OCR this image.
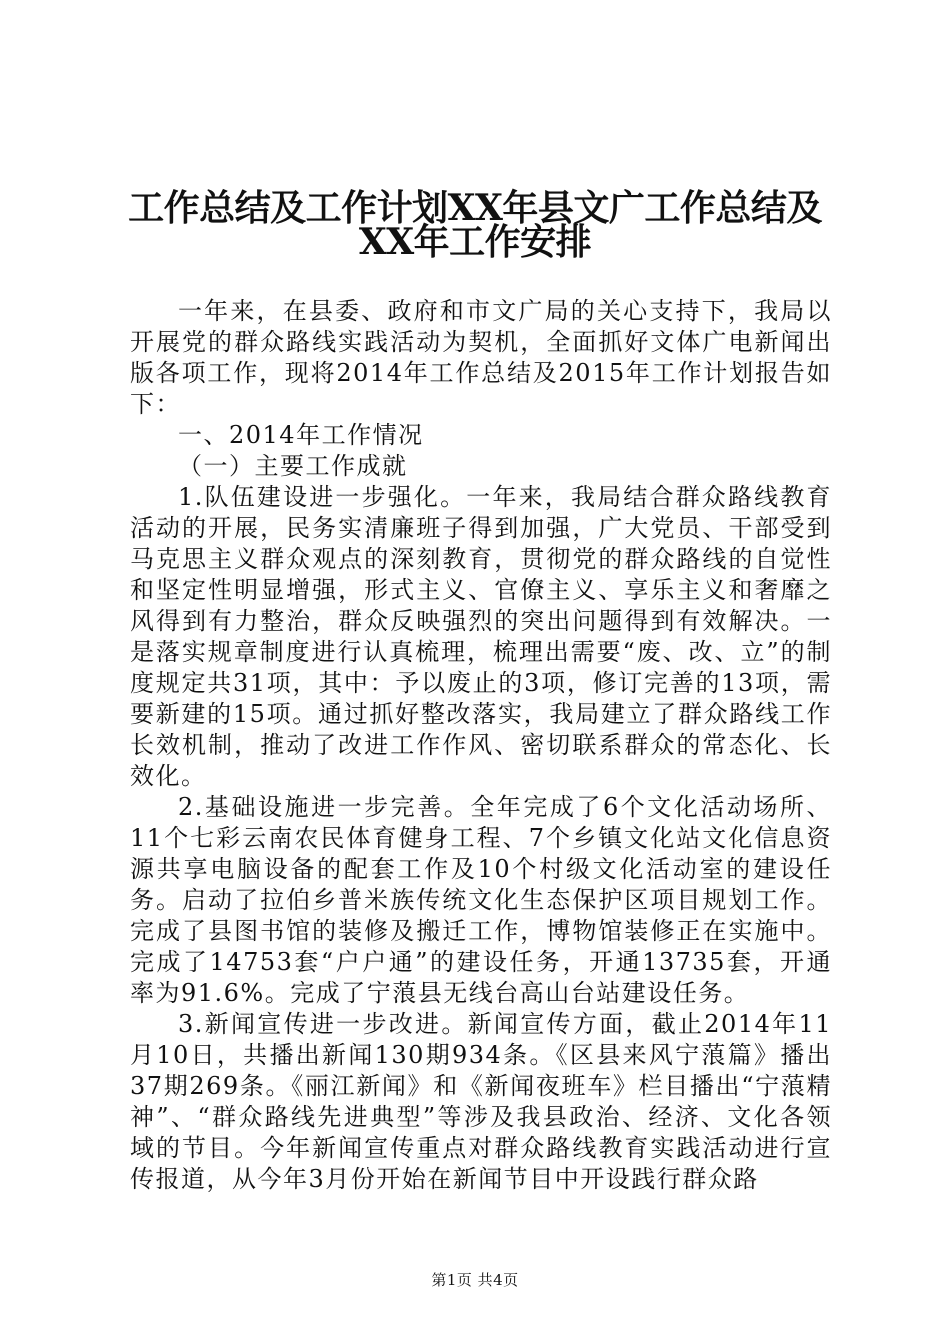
工作总结及工作计划XX年县文广工作总结及
XX年工作安排

一年来，在县委、政府和市文广局的关心支持下，我局以开展党的群众路线实践活动为契机，全面抓好文体广电新闻出版各项工作，现将2014年工作总结及2015年工作计划报告如下：

一、2014年工作情况

（一）主要工作成就

1.队伍建设进一步强化。一年来，我局结合群众路线教育活动的开展，民务实清廉班子得到加强，广大党员、干部受到马克思主义群众观点的深刻教育，贯彻党的群众路线的自觉性和坚定性明显增强，形式主义、官僚主义、享乐主义和奢靡之风得到有力整治，群众反映强烈的突出问题得到有效解决。一是落实规章制度进行认真梳理，梳理出需要“废、改、立”的制度规定共31项，其中：予以废止的3项，修订完善的13项，需要新建的15项。通过抓好整改落实，我局建立了群众路线工作长效机制，推动了改进工作作风、密切联系群众的常态化、长效化。

2.基础设施进一步完善。全年完成了6个文化活动场所、11个七彩云南农民体育健身工程、7个乡镇文化站文化信息资源共享电脑设备的配套工作及10个村级文化活动室的建设任务。启动了拉伯乡普米族传统文化生态保护区项目规划工作。完成了县图书馆的装修及搬迁工作，博物馆装修正在实施中。完成了14753套“户户通”的建设任务，开通13735套，开通率为91.6%。完成了宁蒗县无线台高山台站建设任务。

3.新闻宣传进一步改进。新闻宣传方面，截止2014年11月10日，共播出新闻130期934条。《区县来风宁蒗篇》播出37期269条。《丽江新闻》和《新闻夜班车》栏目播出“宁蒗精神”、“群众路线先进典型”等涉及我县政治、经济、文化各领域的节目。今年新闻宣传重点对群众路线教育实践活动进行宣传报道，从今年3月份开始在新闻节目中开设践行群众路

第1页 共4页
